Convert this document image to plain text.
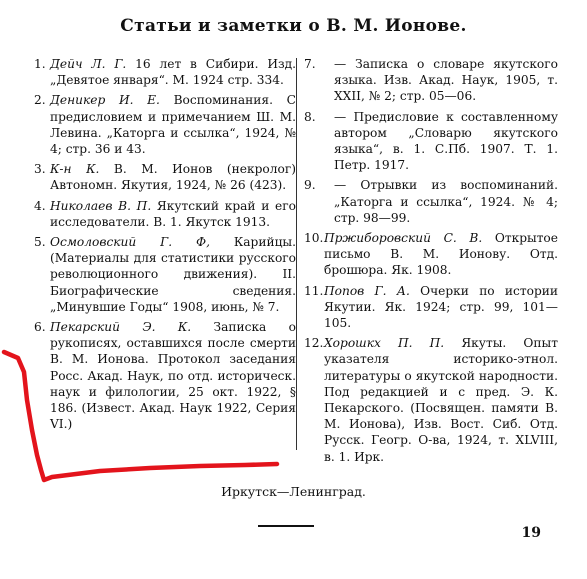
Статьи и заметки о В. М. Ионове.
1. Дейч Л. Г. 16 лет в Сибири. Изд. „Девятое января“. М. 1924 стр. 334.
2. Деникер И. Е. Воспоминания. С предисловием и примечанием Ш. М. Левина. „Каторга и ссылка“, 1924, № 4; стр. 36 и 43.
3. К-н К. В. М. Ионов (некролог) Автономн. Якутия, 1924, № 26 (423).
4. Николаев В. П. Якутский край и его исследователи. В. 1. Якутск 1913.
5. Осмоловский Г. Ф, Карийцы. (Материалы для статистики русского революционного движения). II. Биографические сведения. „Минувшие Годы“ 1908, июнь, № 7.
6. Пекарский Э. К. Записка о рукописях, оставшихся после смерти В. М. Ионова. Протокол заседания Росс. Акад. Наук, по отд. историческ. наук и филологии, 25 окт. 1922, § 186. (Извест. Акад. Наук 1922, Серия VI.)
7.	— Записка о словаре якутского языка. Изв. Акад. Наук, 1905, т. XXII, № 2; стр. 05—06.
8.	— Предисловие к составленному автором „Словарю якутского языка“, в. 1. С.Пб. 1907. Т. 1. Петр. 1917.
9.	— Отрывки из воспоминаний. „Каторга и ссылка“, 1924. № 4; стр. 98—99.
10. Пржиборовский С. В. Открытое письмо В. М. Ионову. Отд. брошюра. Як. 1908.
11. Попов Г. А. Очерки по истории Якутии. Як. 1924; стр. 99, 101—105.
12. Хорошкх П. П. Якуты. Опыт указателя историко-этнол. литературы о якутской народности. Под редакцией и с пред. Э. К. Пекарского. (Посвящен. памяти В. М. Ионова), Изв. Вост. Сиб. Отд. Русск. Геогр. О-ва, 1924, т. XLVIII, в. 1. Ирк.
Иркутск—Ленинград.
19
